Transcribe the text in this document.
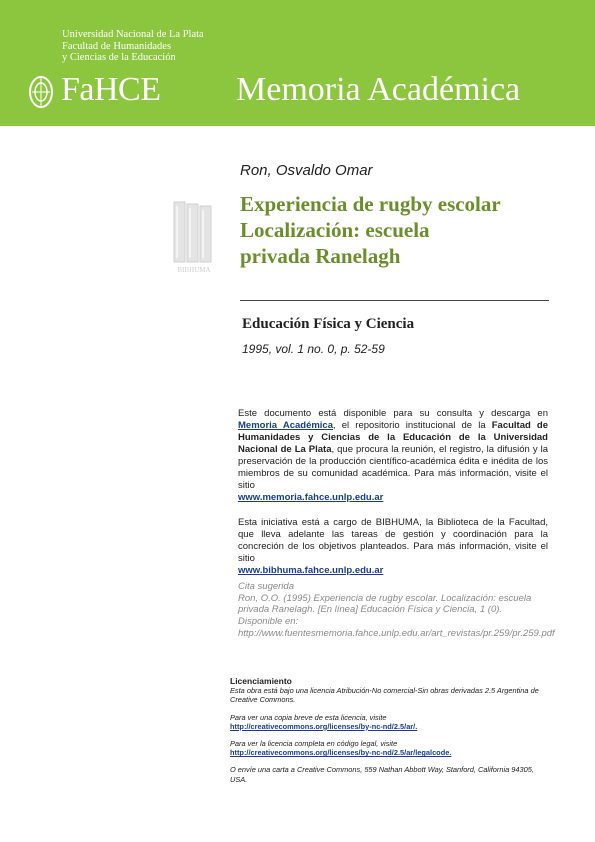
Universidad Nacional de La Plata
Facultad de Humanidades
y Ciencias de la Educación
FaHCE Memoria Académica
BIBHUMA
Ron, Osvaldo Omar
Experiencia de rugby escolar
Localización: escuela
privada Ranelagh
Educación Física y Ciencia
1995, vol. 1 no. 0, p. 52-59
Este documento está disponible para su consulta y descarga en Memoria Académica, el repositorio institucional de la Facultad de Humanidades y Ciencias de la Educación de la Universidad Nacional de La Plata, que procura la reunión, el registro, la difusión y la preservación de la producción científico-académica édita e inédita de los miembros de su comunidad académica. Para más información, visite el sitio
www.memoria.fahce.unlp.edu.ar
Esta iniciativa está a cargo de BIBHUMA, la Biblioteca de la Facultad, que lleva adelante las tareas de gestión y coordinación para la concreción de los objetivos planteados. Para más información, visite el sitio
www.bibhuma.fahce.unlp.edu.ar
Cita sugerida
Ron, O.O. (1995) Experiencia de rugby escolar. Localización: escuela privada Ranelagh. [En línea] Educación Física y Ciencia, 1 (0). Disponible en: http://www.fuentesmemoria.fahce.unlp.edu.ar/art_revistas/pr.259/pr.259.pdf

Licenciamiento

Esta obra está bajo una licencia Atribución-No comercial-Sin obras derivadas 2.5 Argentina de Creative Commons.

Para ver una copia breve de esta licencia, visite

http://creativecommons.org/licenses/by-nc-nd/2.5/ar/.

Para ver la licencia completa en código legal, visite

http://creativecommons.org/licenses/by-nc-nd/2.5/ar/legalcode.

O envíe una carta a Creative Commons, 559 Nathan Abbott Way, Stanford, California 94305, USA.
